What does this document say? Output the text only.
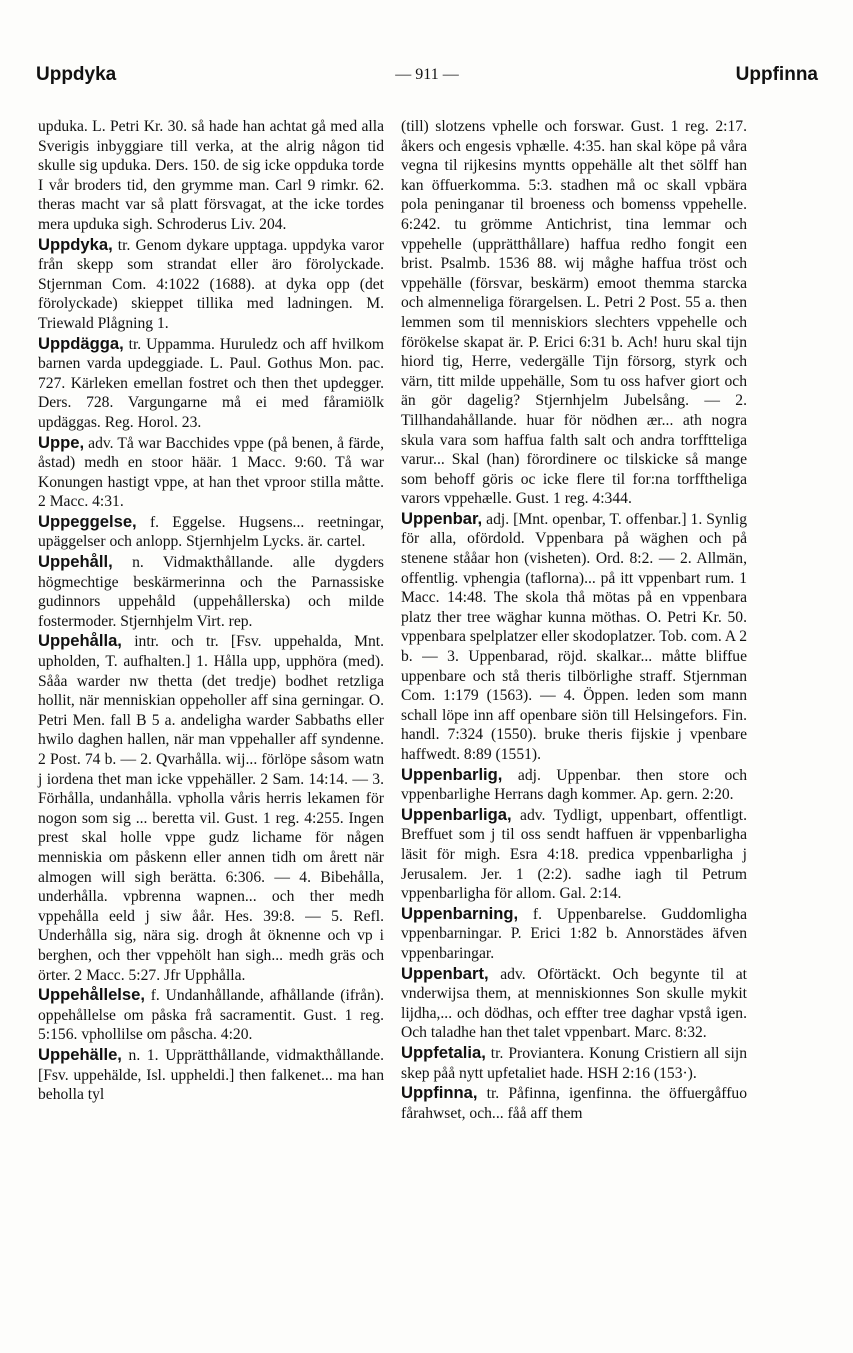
Uppdyka	— 911 —	Uppfinna

upduka. L. Petri Kr. 30. så hade han achtat gå med alla Sverigis inbyggiare till verka, at the alrig någon tid skulle sig upduka. Ders. 150. de sig icke oppduka torde I vår broders tid, den grymme man. Carl 9 rimkr. 62. theras macht var så platt försvagat, at the icke tordes mera upduka sigh. Schroderus Liv. 204.

Uppdyka, tr. Genom dykare upptaga. uppdyka varor från skepp som strandat eller äro förolyckade. Stjernman Com. 4:1022 (1688). at dyka opp (det förolyckade) skieppet tillika med ladningen. M. Triewald Plågning 1.

Uppdägga, tr. Uppamma. Huruledz och aff hvilkom barnen varda updeggiade. L. Paul. Gothus Mon. pac. 727. Kärleken emellan fostret och then thet updegger. Ders. 728. Vargungarne må ei med fåramiölk updäggas. Reg. Horol. 23.

Uppe, adv. Tå war Bacchides vppe (på benen, å färde, åstad) medh en stoor häär. 1 Macc. 9:60. Tå war Konungen hastigt vppe, at han thet vproor stilla måtte. 2 Macc. 4:31.

Uppeggelse, f. Eggelse. Hugsens... reetningar, upäggelser och anlopp. Stjernhjelm Lycks. är. cartel.

Uppehåll, n. Vidmakthållande. alle dygders högmechtige beskärmerinna och the Parnassiske gudinnors uppehåld (uppehållerska) och milde fostermoder. Stjernhjelm Virt. rep.

Uppehålla, intr. och tr. [Fsv. uppehalda, Mnt. upholden, T. aufhalten.] 1. Hålla upp, upphöra (med). Sååa warder nw thetta (det tredje) bodhet retzliga hollit, när menniskian oppeholler aff sina gerningar. O. Petri Men. fall B 5 a. andeligha warder Sabbaths eller hwilo daghen hallen, när man vppehaller aff syndenne. 2 Post. 74 b. — 2. Qvarhålla. wij... förlöpe såsom watn j iordena thet man icke vppehäller. 2 Sam. 14:14. — 3. Förhålla, undanhålla. vpholla våris herris lekamen för nogon som sig ... beretta vil. Gust. 1 reg. 4:255. Ingen prest skal holle vppe gudz lichame för någen menniskia om påskenn eller annen tidh om årett när almogen will sigh berätta. 6:306. — 4. Bibehålla, underhålla. vpbrenna wapnen... och ther medh vppehålla eeld j siw åår. Hes. 39:8. — 5. Refl. Underhålla sig, nära sig. drogh åt öknenne och vp i berghen, och ther vppehölt han sigh... medh gräs och örter. 2 Macc. 5:27. Jfr Upphålla.

Uppehållelse, f. Undanhållande, afhållande (ifrån). oppehållelse om påska frå sacramentit. Gust. 1 reg. 5:156. vphollilse om påscha. 4:20.

Uppehälle, n. 1. Upprätthållande, vidmakthållande. [Fsv. uppehälde, Isl. uppheldi.] then falkenet... ma han beholla tyl

(till) slotzens vphelle och forswar. Gust. 1 reg. 2:17. åkers och engesis vphælle. 4:35. han skal köpe på våra vegna til rijkesins myntts oppehälle alt thet sölff han kan öffuerkomma. 5:3. stadhen må oc skall vpbära pola peninganar til broeness och bomenss vppehelle. 6:242. tu grömme Antichrist, tina lemmar och vppehelle (upprätthållare) haffua redho fongit een brist. Psalmb. 1536 88. wij måghe haffua tröst och vppehälle (försvar, beskärm) emoot themma starcka och almenneliga förargelsen. L. Petri 2 Post. 55 a. then lemmen som til menniskiors slechters vppehelle och förökelse skapat är. P. Erici 6:31 b. Ach! huru skal tijn hiord tig, Herre, vedergälle Tijn försorg, styrk och värn, titt milde uppehälle, Som tu oss hafver giort och än gör dagelig? Stjernhjelm Jubelsång. — 2. Tillhandahållande. huar för nödhen ær... ath nogra skula vara som haffua falth salt och andra torfftteliga varur... Skal (han) förordinere oc tilskicke så mange som behoff göris oc icke flere til for:na torfftheliga varors vppehælle. Gust. 1 reg. 4:344.

Uppenbar, adj. [Mnt. openbar, T. offenbar.] 1. Synlig för alla, ofördold. Vppenbara på wäghen och på stenene stååar hon (visheten). Ord. 8:2. — 2. Allmän, offentlig. vphengia (taflorna)... på itt vppenbart rum. 1 Macc. 14:48. The skola thå mötas på en vppenbara platz ther tree wäghar kunna möthas. O. Petri Kr. 50. vppenbara spelplatzer eller skodoplatzer. Tob. com. A 2 b. — 3. Uppenbarad, röjd. skalkar... måtte bliffue uppenbare och stå theris tilbörlighe straff. Stjernman Com. 1:179 (1563). — 4. Öppen. leden som mann schall löpe inn aff openbare siön till Helsingefors. Fin. handl. 7:324 (1550). bruke theris fijskie j vpenbare haffwedt. 8:89 (1551).

Uppenbarlig, adj. Uppenbar. then store och vppenbarlighe Herrans dagh kommer. Ap. gern. 2:20.

Uppenbarliga, adv. Tydligt, uppenbart, offentligt. Breffuet som j til oss sendt haffuen är vppenbarligha läsit för migh. Esra 4:18. predica vppenbarligha j Jerusalem. Jer. 1 (2:2). sadhe iagh til Petrum vppenbarligha för allom. Gal. 2:14.

Uppenbarning, f. Uppenbarelse. Guddomligha vppenbarningar. P. Erici 1:82 b. Annorstädes äfven vppenbaringar.

Uppenbart, adv. Oförtäckt. Och begynte til at vnderwijsa them, at menniskionnes Son skulle mykit lijdha,... och dödhas, och effter tree daghar vpstå igen. Och taladhe han thet talet vppenbart. Marc. 8:32.

Uppfetalia, tr. Proviantera. Konung Cristiern all sijn skep påå nytt upfetaliet hade. HSH 2:16 (153·).

Uppfinna, tr. Påfinna, igenfinna. the öffuergåffuo fårahwset, och... fåå aff them
